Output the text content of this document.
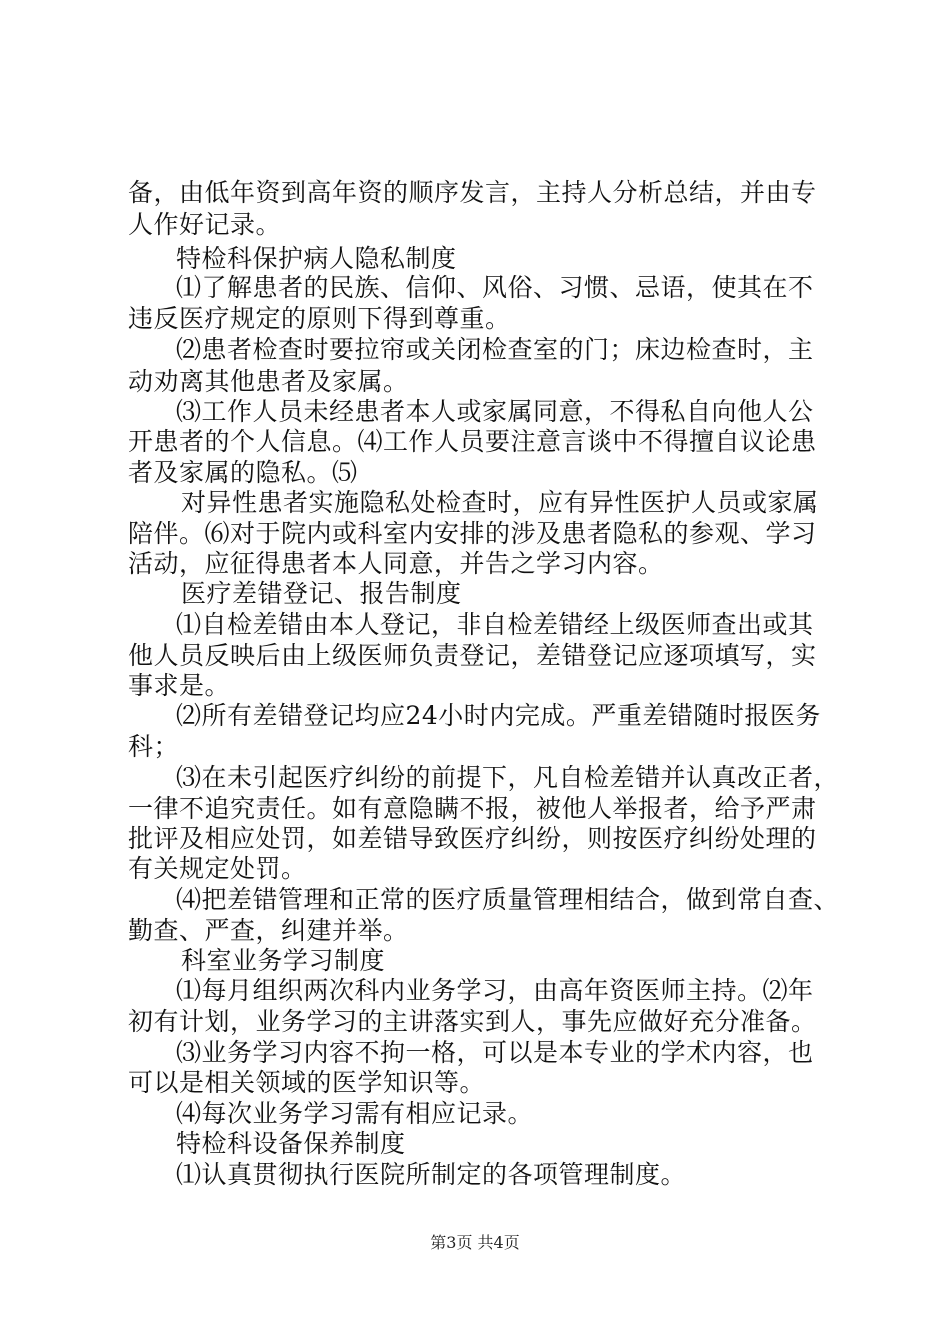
备，由低年资到高年资的顺序发言，主持人分析总结，并由专
人作好记录。
特检科保护病人隐私制度
⑴了解患者的民族、信仰、风俗、习惯、忌语，使其在不
违反医疗规定的原则下得到尊重。
⑵患者检查时要拉帘或关闭检查室的门；床边检查时，主
动劝离其他患者及家属。
⑶工作人员未经患者本人或家属同意，不得私自向他人公
开患者的个人信息。⑷工作人员要注意言谈中不得擅自议论患
者及家属的隐私。⑸
对异性患者实施隐私处检查时，应有异性医护人员或家属
陪伴。⑹对于院内或科室内安排的涉及患者隐私的参观、学习
活动，应征得患者本人同意，并告之学习内容。
医疗差错登记、报告制度
⑴自检差错由本人登记，非自检差错经上级医师查出或其
他人员反映后由上级医师负责登记，差错登记应逐项填写，实
事求是。
⑵所有差错登记均应24小时内完成。严重差错随时报医务
科；
⑶在未引起医疗纠纷的前提下，凡自检差错并认真改正者，
一律不追究责任。如有意隐瞒不报，被他人举报者，给予严肃
批评及相应处罚，如差错导致医疗纠纷，则按医疗纠纷处理的
有关规定处罚。
⑷把差错管理和正常的医疗质量管理相结合，做到常自查、
勤查、严查，纠建并举。
科室业务学习制度
⑴每月组织两次科内业务学习，由高年资医师主持。⑵年
初有计划，业务学习的主讲落实到人，事先应做好充分准备。
⑶业务学习内容不拘一格，可以是本专业的学术内容，也
可以是相关领域的医学知识等。
⑷每次业务学习需有相应记录。
特检科设备保养制度
⑴认真贯彻执行医院所制定的各项管理制度。
第3页 共4页
